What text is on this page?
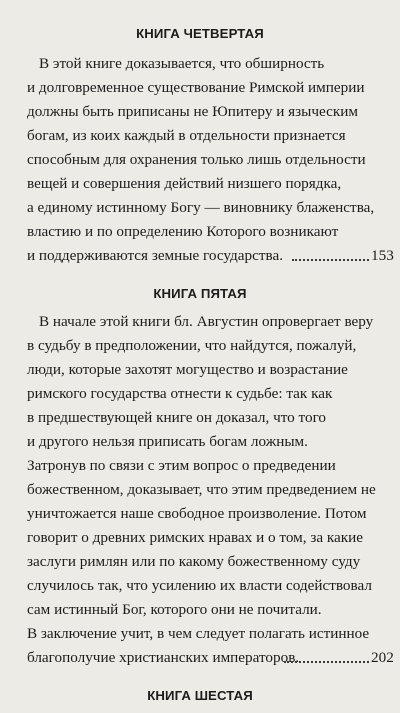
КНИГА ЧЕТВЕРТАЯ
В этой книге доказывается, что обширность
и долговременное существование Римской империи
должны быть приписаны не Юпитеру и языческим
богам, из коих каждый в отдельности признается
способным для охранения только лишь отдельности
вещей и совершения действий низшего порядка,
а единому истинному Богу — виновнику блаженства,
властию и по определению Которого возникают
и поддерживаются земные государства.	153
КНИГА ПЯТАЯ
В начале этой книги бл. Августин опровергает веру
в судьбу в предположении, что найдутся, пожалуй,
люди, которые захотят могущество и возрастание
римского государства отнести к судьбе: так как
в предшествующей книге он доказал, что того
и другого нельзя приписать богам ложным.
Затронув по связи с этим вопрос о предведении
божественном, доказывает, что этим предведением не
уничтожается наше свободное произволение. Потом
говорит о древних римских нравах и о том, за какие
заслуги римлян или по какому божественному суду
случилось так, что усилению их власти содействовал
сам истинный Бог, которого они не почитали.
В заключение учит, в чем следует полагать истинное
благополучие христианских императоров.	202
КНИГА ШЕСТАЯ
